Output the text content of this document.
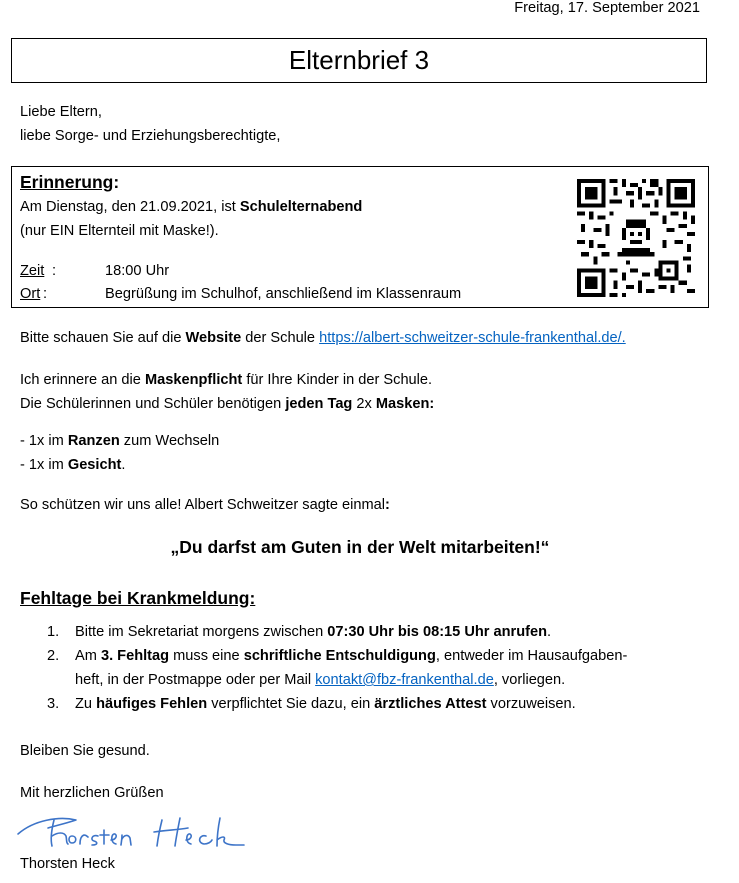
Freitag, 17. September 2021
Elternbrief 3
Liebe Eltern,
liebe Sorge- und Erziehungsberechtigte,
Erinnerung:
Am Dienstag, den 21.09.2021, ist Schulelternabend
(nur EIN Elternteil mit Maske!).
Zeit :	18:00 Uhr
Ort :	Begrüßung im Schulhof, anschließend im Klassenraum
Bitte schauen Sie auf die Website der Schule https://albert-schweitzer-schule-frankenthal.de/.
Ich erinnere an die Maskenpflicht für Ihre Kinder in der Schule.
Die Schülerinnen und Schüler benötigen jeden Tag 2x Masken:
- 1x im Ranzen zum Wechseln
- 1x im Gesicht.
So schützen wir uns alle! Albert Schweitzer sagte einmal:
„Du darfst am Guten in der Welt mitarbeiten!“
Fehltage bei Krankmeldung:
1. Bitte im Sekretariat morgens zwischen 07:30 Uhr bis 08:15 Uhr anrufen.
2. Am 3. Fehltag muss eine schriftliche Entschuldigung, entweder im Hausaufgaben-
heft, in der Postmappe oder per Mail kontakt@fbz-frankenthal.de, vorliegen.
3. Zu häufiges Fehlen verpflichtet Sie dazu, ein ärztliches Attest vorzuweisen.
Bleiben Sie gesund.
Mit herzlichen Grüßen
Thorsten Heck
